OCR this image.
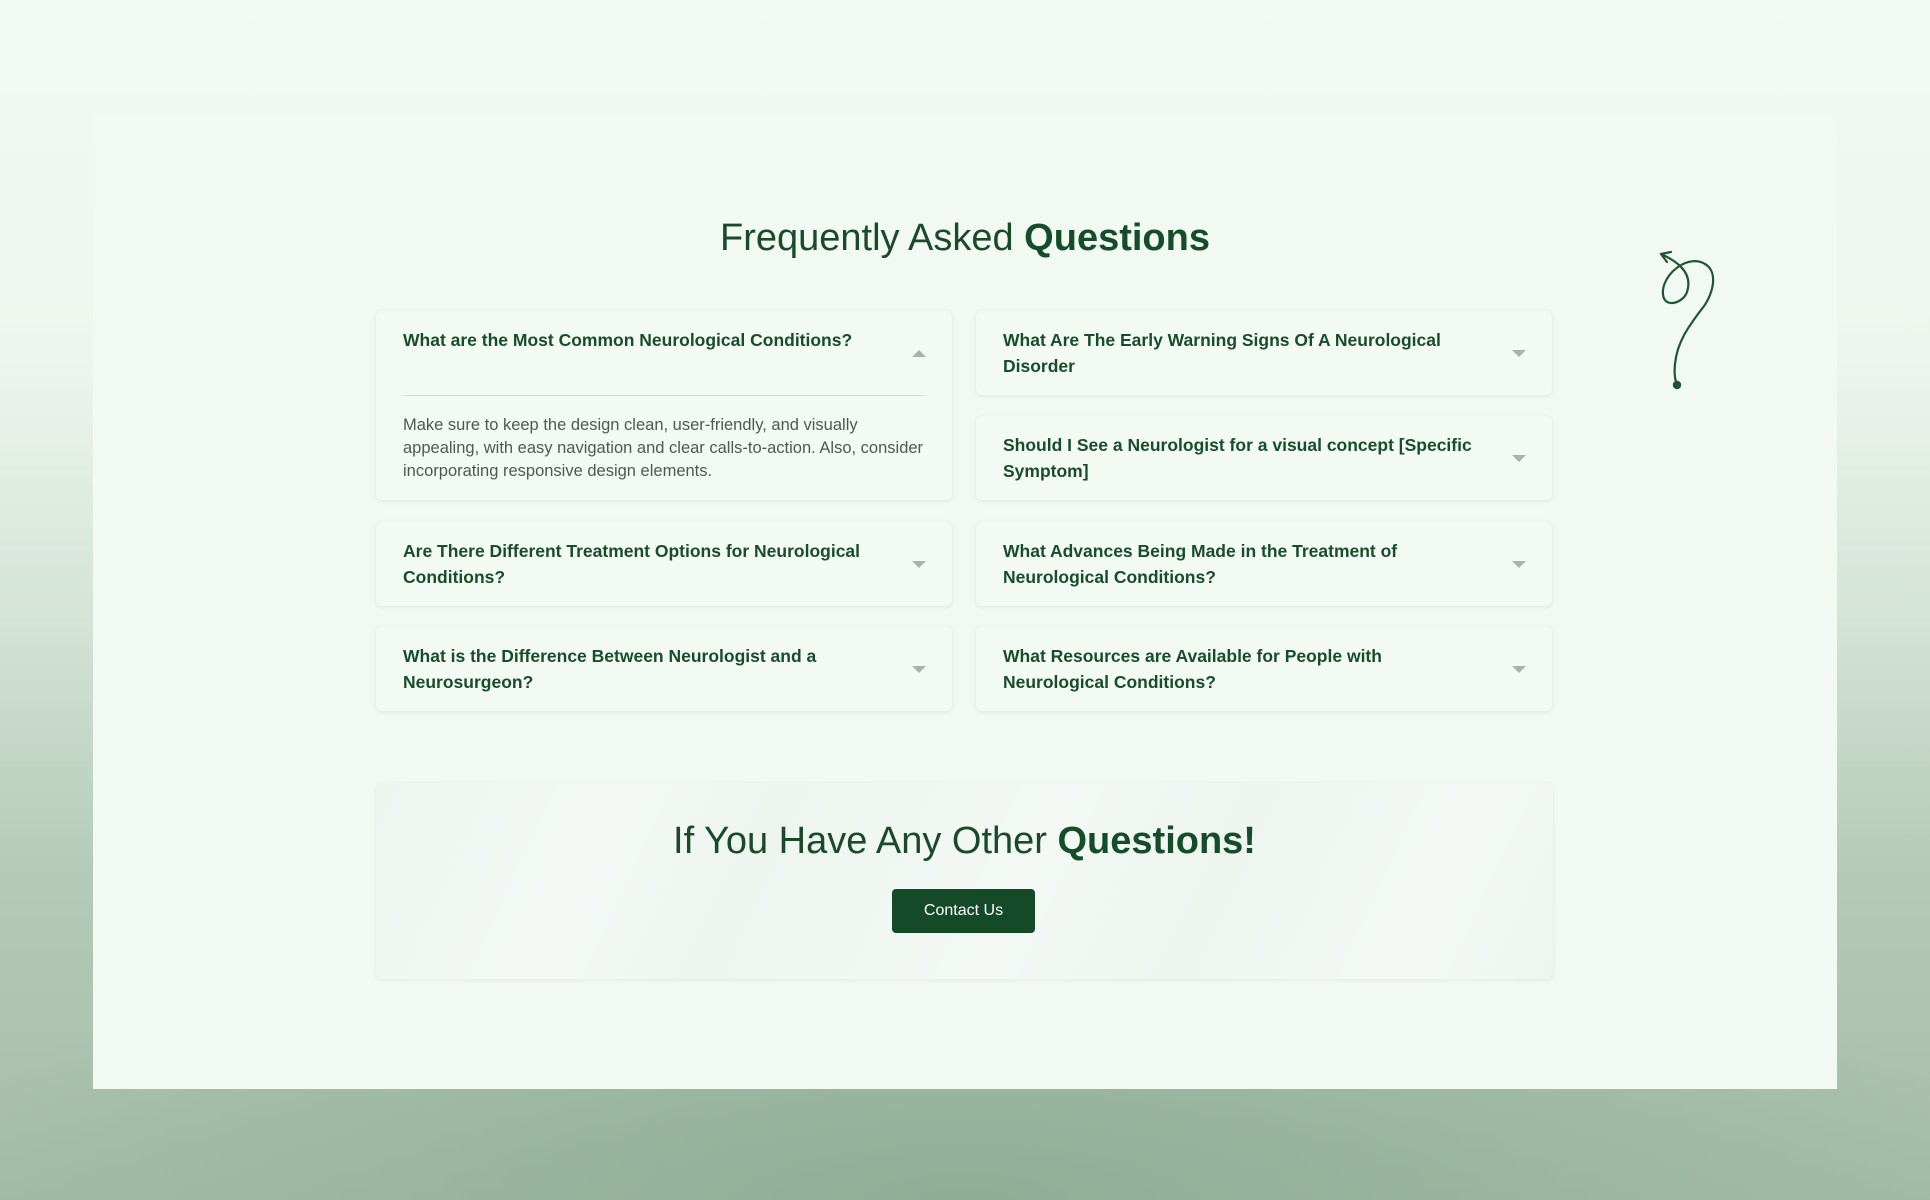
Frequently Asked Questions
What are the Most Common Neurological Conditions?

Make sure to keep the design clean, user-friendly, and visually appealing, with easy navigation and clear calls-to-action. Also, consider incorporating responsive design elements.

Are There Different Treatment Options for Neurological Conditions?
What is the Difference Between Neurologist and a Neurosurgeon?
What Are The Early Warning Signs Of A Neurological Disorder
Should I See a Neurologist for a visual concept [Specific Symptom]
What Advances Being Made in the Treatment of Neurological Conditions?
What Resources are Available for People with Neurological Conditions?
If You Have Any Other Questions!
Contact Us
